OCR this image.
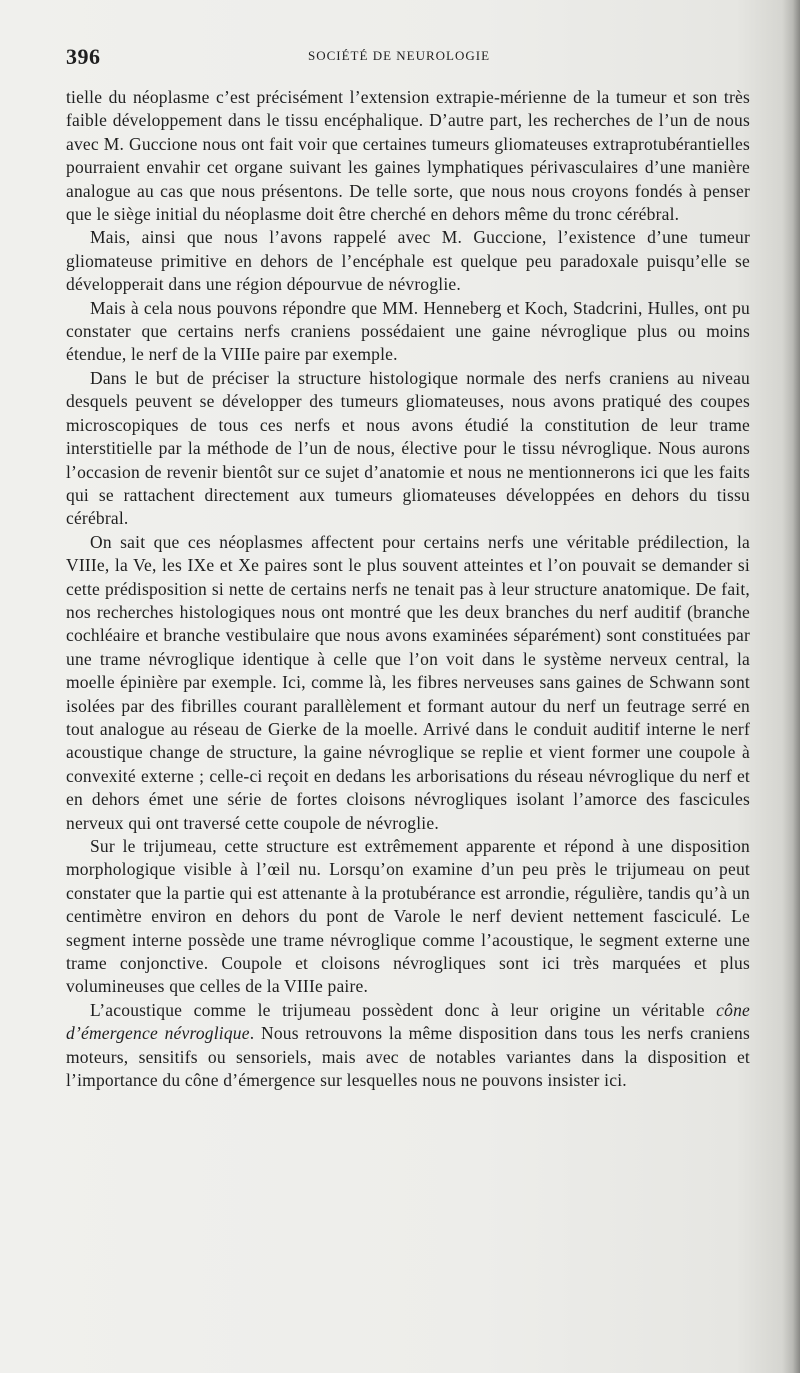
396	SOCIÉTÉ DE NEUROLOGIE

tielle du néoplasme c’est précisément l’extension extrapie-mérienne de la tumeur et son très faible développement dans le tissu encéphalique. D’autre part, les recherches de l’un de nous avec M. Guccione nous ont fait voir que certaines tumeurs gliomateuses extraprotubérantielles pourraient envahir cet organe suivant les gaines lymphatiques périvasculaires d’une manière analogue au cas que nous présentons. De telle sorte, que nous nous croyons fondés à penser que le siège initial du néoplasme doit être cherché en dehors même du tronc cérébral.

Mais, ainsi que nous l’avons rappelé avec M. Guccione, l’existence d’une tumeur gliomateuse primitive en dehors de l’encéphale est quelque peu paradoxale puisqu’elle se développerait dans une région dépourvue de névroglie.

Mais à cela nous pouvons répondre que MM. Henneberg et Koch, Stadcrini, Hulles, ont pu constater que certains nerfs craniens possédaient une gaine névroglique plus ou moins étendue, le nerf de la VIIIe paire par exemple.

Dans le but de préciser la structure histologique normale des nerfs craniens au niveau desquels peuvent se développer des tumeurs gliomateuses, nous avons pratiqué des coupes microscopiques de tous ces nerfs et nous avons étudié la constitution de leur trame interstitielle par la méthode de l’un de nous, élective pour le tissu névroglique. Nous aurons l’occasion de revenir bientôt sur ce sujet d’anatomie et nous ne mentionnerons ici que les faits qui se rattachent directement aux tumeurs gliomateuses développées en dehors du tissu cérébral.

On sait que ces néoplasmes affectent pour certains nerfs une véritable prédilection, la VIIIe, la Ve, les IXe et Xe paires sont le plus souvent atteintes et l’on pouvait se demander si cette prédisposition si nette de certains nerfs ne tenait pas à leur structure anatomique. De fait, nos recherches histologiques nous ont montré que les deux branches du nerf auditif (branche cochléaire et branche vestibulaire que nous avons examinées séparément) sont constituées par une trame névroglique identique à celle que l’on voit dans le système nerveux central, la moelle épinière par exemple. Ici, comme là, les fibres nerveuses sans gaines de Schwann sont isolées par des fibrilles courant parallèlement et formant autour du nerf un feutrage serré en tout analogue au réseau de Gierke de la moelle. Arrivé dans le conduit auditif interne le nerf acoustique change de structure, la gaine névroglique se replie et vient former une coupole à convexité externe ; celle-ci reçoit en dedans les arborisations du réseau névroglique du nerf et en dehors émet une série de fortes cloisons névrogliques isolant l’amorce des fascicules nerveux qui ont traversé cette coupole de névroglie.

Sur le trijumeau, cette structure est extrêmement apparente et répond à une disposition morphologique visible à l’œil nu. Lorsqu’on examine d’un peu près le trijumeau on peut constater que la partie qui est attenante à la protubérance est arrondie, régulière, tandis qu’à un centimètre environ en dehors du pont de Varole le nerf devient nettement fasciculé. Le segment interne possède une trame névroglique comme l’acoustique, le segment externe une trame conjonctive. Coupole et cloisons névrogliques sont ici très marquées et plus volumineuses que celles de la VIIIe paire.

L’acoustique comme le trijumeau possèdent donc à leur origine un véritable cône d’émergence névroglique. Nous retrouvons la même disposition dans tous les nerfs craniens moteurs, sensitifs ou sensoriels, mais avec de notables variantes dans la disposition et l’importance du cône d’émergence sur lesquelles nous ne pouvons insister ici.
